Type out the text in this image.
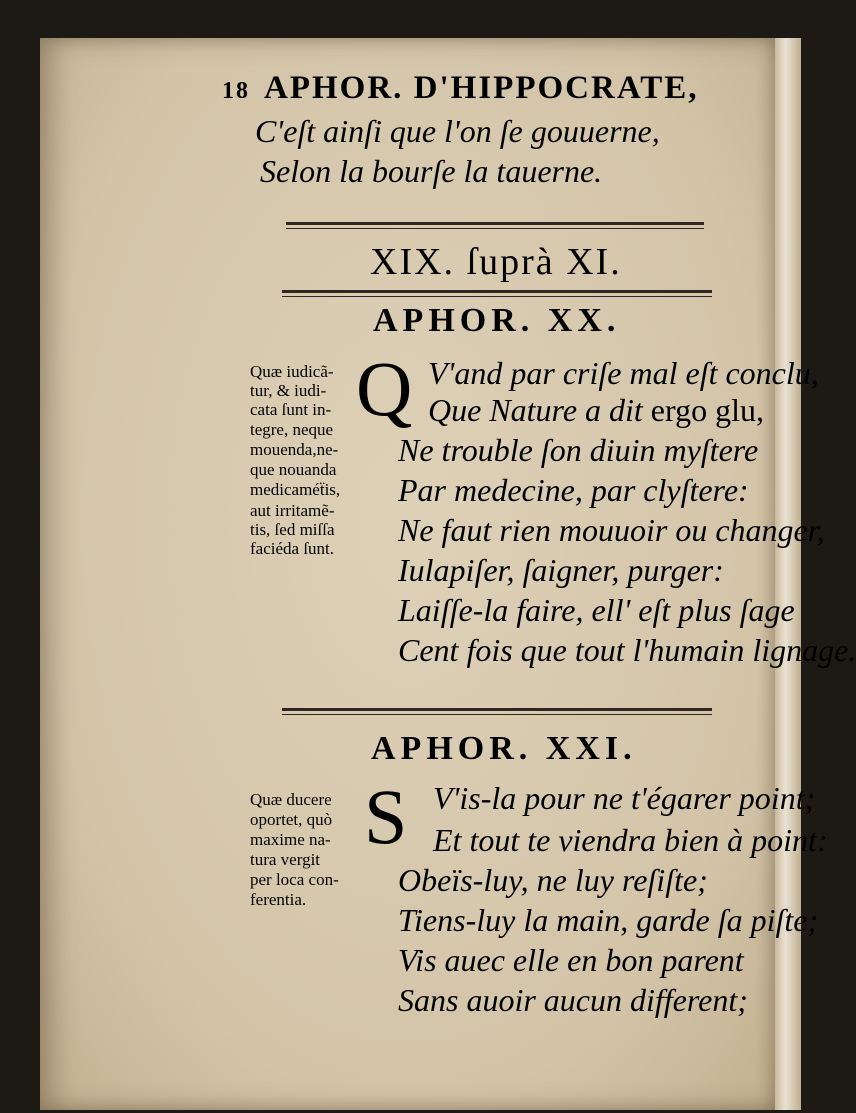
18 APHOR. D'HIPPOCRATE,
C'eſt ainſi que l'on ſe gouuerne,
Selon la bourſe la tauerne.
XIX. ſuprà XI.
APHOR. XX.
Quæ iudicã-
tur, & iudi-
cata ſunt in-
tegre, neque
mouenda,ne-
que nouanda
medicaméẗis,
aut irritamẽ-
tis, ſed miſſa
faciéda ſunt.
Q V'and par criſe mal eſt conclu,
Que Nature a dit ergo glu,
Ne trouble ſon diuin myſtere
Par medecine, par clyſtere:
Ne faut rien mouuoir ou changer,
Iulapiſer, ſaigner, purger:
Laiſſe-la faire, ell' eſt plus ſage
Cent fois que tout l'humain lignage.
APHOR. XXI.
Quæ ducere
oportet, quò
maxime na-
tura vergit
per loca con-
ferentia.
S V'is-la pour ne t'égarer point;
Et tout te viendra bien à point:
Obeïs-luy, ne luy reſiſte;
Tiens-luy la main, garde ſa piſte;
Vis auec elle en bon parent
Sans auoir aucun different;
